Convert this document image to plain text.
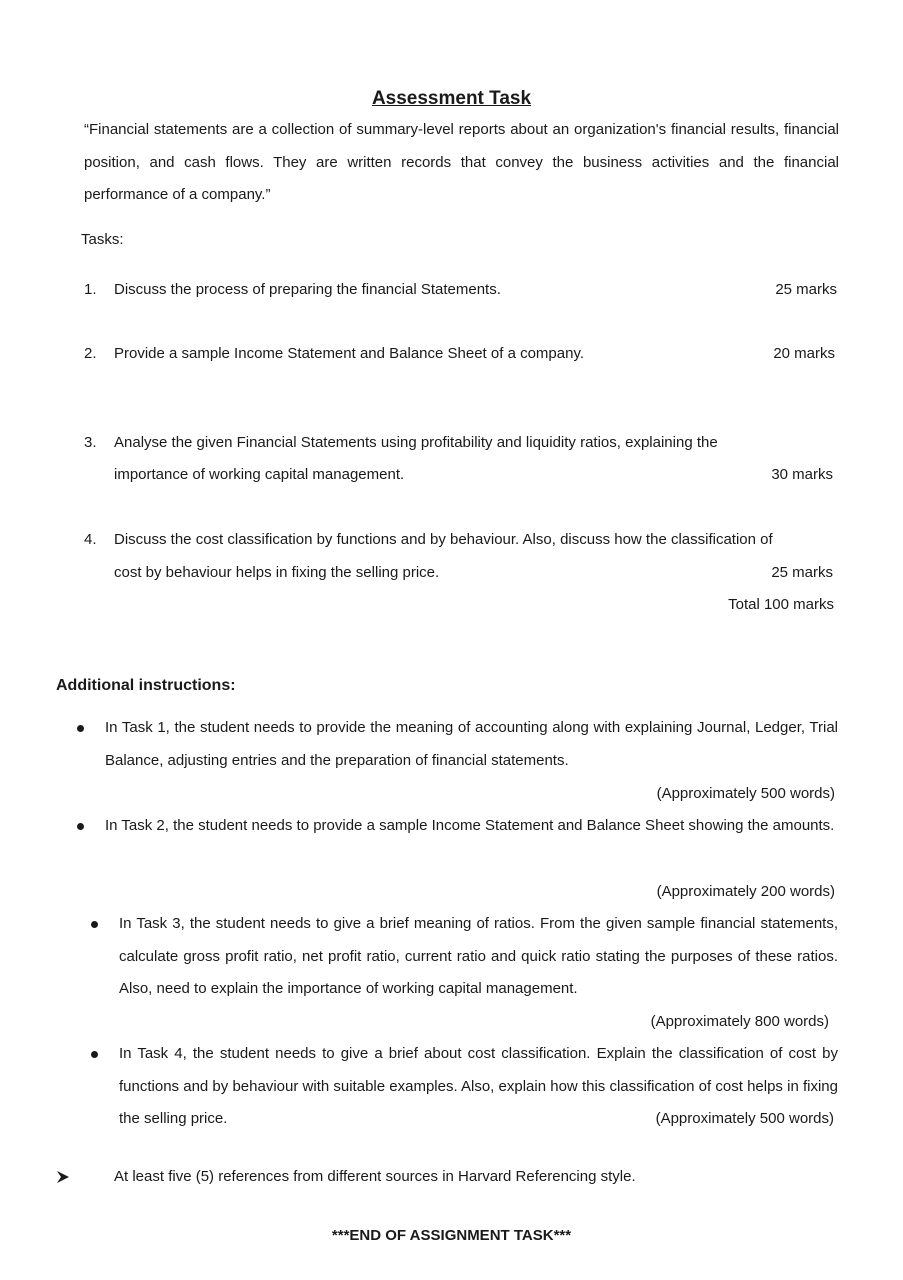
Assessment Task
“Financial statements are a collection of summary-level reports about an organization's financial results, financial position, and cash flows. They are written records that convey the business activities and the financial performance of a company.”
Tasks:
1.	Discuss the process of preparing the financial Statements.	25 marks
2.	Provide a sample Income Statement and Balance Sheet of a company.	20 marks
3.	Analyse the given Financial Statements using profitability and liquidity ratios, explaining the
importance of working capital management.	30 marks
4.	Discuss the cost classification by functions and by behaviour. Also, discuss how the classification of
cost by behaviour helps in fixing the selling price.	25 marks
Total 100 marks
Additional instructions:
In Task 1, the student needs to provide the meaning of accounting along with explaining Journal, Ledger, Trial Balance, adjusting entries and the preparation of financial statements.
(Approximately 500 words)
In Task 2, the student needs to provide a sample Income Statement and Balance Sheet showing the amounts.
(Approximately 200 words)
In Task 3, the student needs to give a brief meaning of ratios. From the given sample financial statements, calculate gross profit ratio, net profit ratio, current ratio and quick ratio stating the purposes of these ratios. Also, need to explain the importance of working capital management.
(Approximately 800 words)
In Task 4, the student needs to give a brief about cost classification. Explain the classification of cost by functions and by behaviour with suitable examples. Also, explain how this classification of cost helps in fixing the selling price.	(Approximately 500 words)
At least five (5) references from different sources in Harvard Referencing style.
***END OF ASSIGNMENT TASK***
